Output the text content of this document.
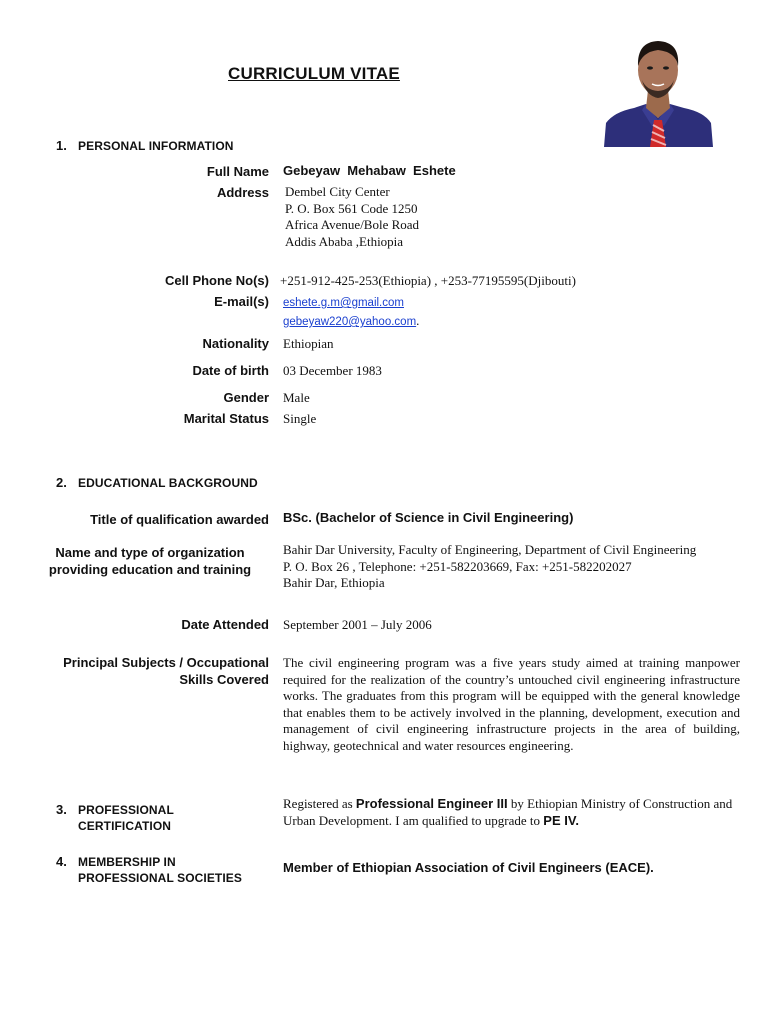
CURRICULUM VITAE
1. PERSONAL INFORMATION
Full Name Gebeyaw  Mehabaw  Eshete
Address Dembel City Center
P. O. Box 561 Code 1250
Africa Avenue/Bole Road
Addis Ababa ,Ethiopia
Cell Phone No(s) +251-912-425-253(Ethiopia) , +253-77195595(Djibouti)
E-mail(s) eshete.g.m@gmail.com
gebeyaw220@yahoo.com.
Nationality Ethiopian
Date of birth 03 December 1983
Gender Male
Marital Status Single
2. EDUCATIONAL BACKGROUND
Title of qualification awarded BSc. (Bachelor of Science in Civil Engineering)
Name and type of organization
providing education and training
Bahir Dar University, Faculty of Engineering, Department of Civil Engineering
P. O. Box 26 , Telephone: +251-582203669, Fax: +251-582202027
Bahir Dar, Ethiopia
Date Attended September 2001 – July 2006
Principal Subjects / Occupational
Skills Covered
The civil engineering program was a five years study aimed at training manpower required for the realization of the country’s untouched civil engineering infrastructure works. The graduates from this program will be equipped with the general knowledge that enables them to be actively involved in the planning, development, execution and management of civil engineering infrastructure projects in the area of building, highway, geotechnical and water resources engineering.
3. PROFESSIONAL
CERTIFICATION
Registered as Professional Engineer III by Ethiopian Ministry of Construction and Urban Development. I am qualified to upgrade to PE IV.
4. MEMBERSHIP IN
PROFESSIONAL SOCIETIES
Member of Ethiopian Association of Civil Engineers (EACE).
